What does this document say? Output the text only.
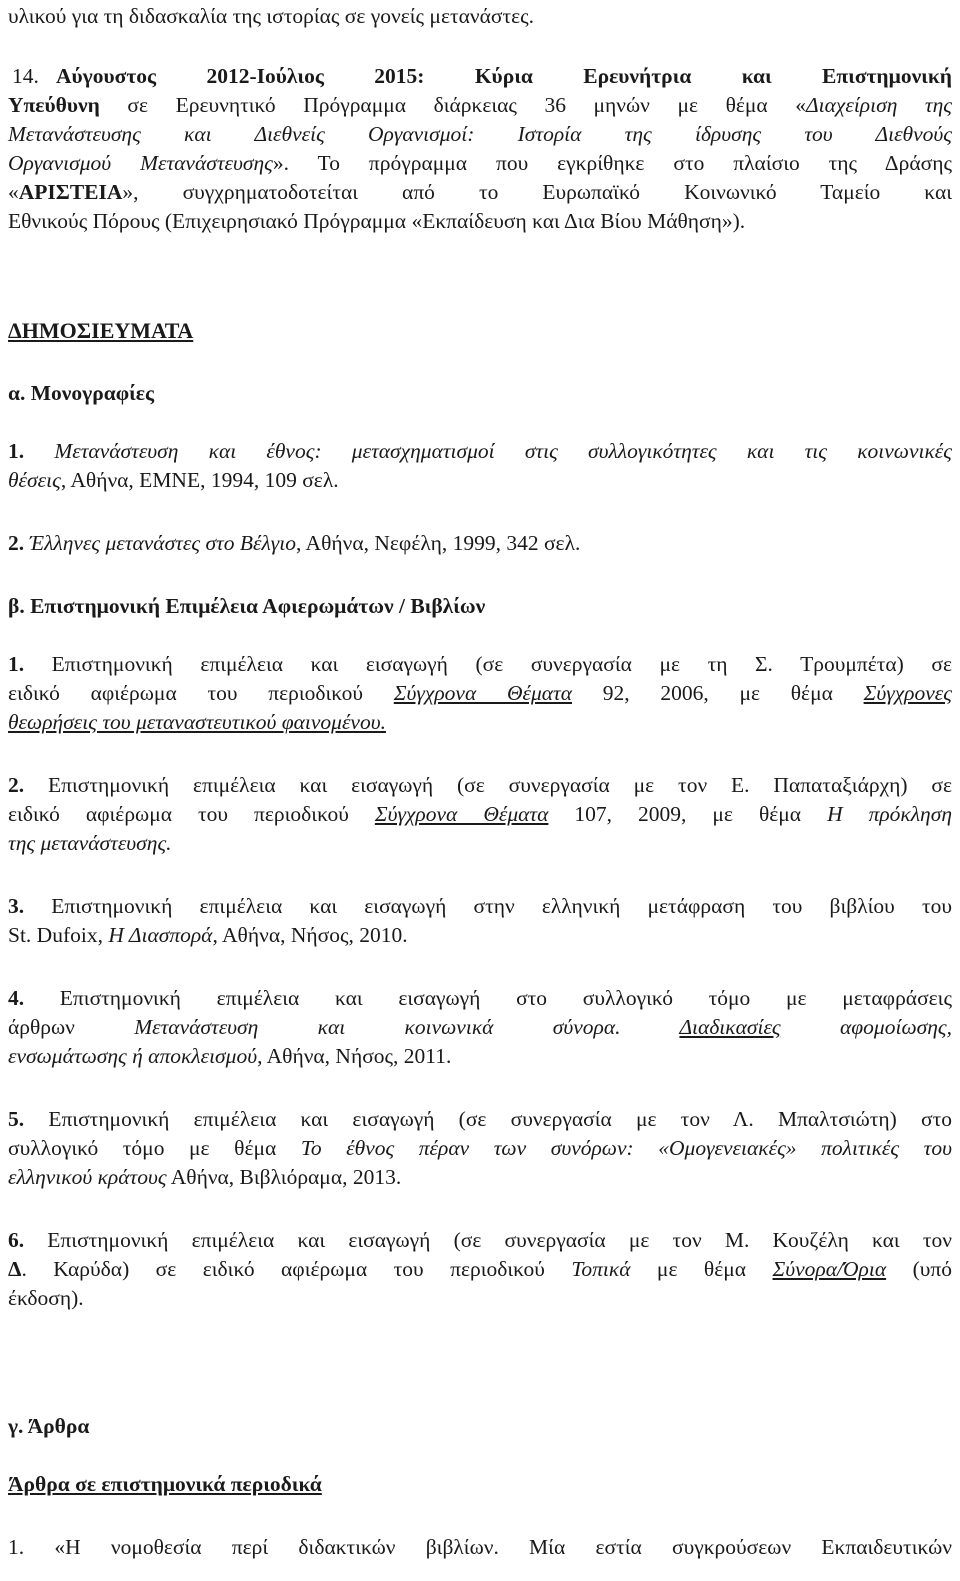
υλικού για τη διδασκαλία της ιστορίας σε γονείς μετανάστες.
14. Αύγουστος 2012-Ιούλιος 2015: Κύρια Ερευνήτρια και Επιστημονική
Υπεύθυνη σε Ερευνητικό Πρόγραμμα διάρκειας 36 μηνών με θέμα «Διαχείριση της
Μετανάστευσης και Διεθνείς Οργανισμοί: Ιστορία της ίδρυσης του Διεθνούς
Οργανισμού Μετανάστευσης». Το πρόγραμμα που εγκρίθηκε στο πλαίσιο της Δράσης
«ΑΡΙΣΤΕΙΑ», συγχρηματοδοτείται από το Ευρωπαϊκό Κοινωνικό Ταμείο και
Εθνικούς Πόρους (Επιχειρησιακό Πρόγραμμα «Εκπαίδευση και Δια Βίου Μάθηση»).
ΔΗΜΟΣΙΕΥΜΑΤΑ
α. Μονογραφίες
1. Μετανάστευση και έθνος: μετασχηματισμοί στις συλλογικότητες και τις κοινωνικές
θέσεις, Αθήνα, ΕΜΝΕ, 1994, 109 σελ.
2. Έλληνες μετανάστες στο Βέλγιο, Αθήνα, Νεφέλη, 1999, 342 σελ.
β. Επιστημονική Επιμέλεια Αφιερωμάτων / Βιβλίων
1. Επιστημονική επιμέλεια και εισαγωγή (σε συνεργασία με τη Σ. Τρουμπέτα) σε
ειδικό αφιέρωμα του περιοδικού Σύγχρονα Θέματα 92, 2006, με θέμα Σύγχρονες
θεωρήσεις του μεταναστευτικού φαινομένου.
2. Επιστημονική επιμέλεια και εισαγωγή (σε συνεργασία με τον Ε. Παπαταξιάρχη) σε
ειδικό αφιέρωμα του περιοδικού Σύγχρονα Θέματα 107, 2009, με θέμα Η πρόκληση
της μετανάστευσης.
3. Επιστημονική επιμέλεια και εισαγωγή στην ελληνική μετάφραση του βιβλίου του
St. Dufoix, Η Διασπορά, Αθήνα, Νήσος, 2010.
4. Επιστημονική επιμέλεια και εισαγωγή στο συλλογικό τόμο με μεταφράσεις
άρθρων Μετανάστευση και κοινωνικά σύνορα. Διαδικασίες αφομοίωσης,
ενσωμάτωσης ή αποκλεισμού, Αθήνα, Νήσος, 2011.
5. Επιστημονική επιμέλεια και εισαγωγή (σε συνεργασία με τον Λ. Μπαλτσιώτη) στο
συλλογικό τόμο με θέμα Το έθνος πέραν των συνόρων: «Ομογενειακές» πολιτικές του
ελληνικού κράτους Αθήνα, Βιβλιόραμα, 2013.
6. Επιστημονική επιμέλεια και εισαγωγή (σε συνεργασία με τον Μ. Κουζέλη και τον
Δ. Καρύδα) σε ειδικό αφιέρωμα του περιοδικού Τοπικά με θέμα Σύνορα/Όρια (υπό
έκδοση).
γ. Άρθρα
Άρθρα σε επιστημονικά περιοδικά
1. «Η νομοθεσία περί διδακτικών βιβλίων. Μία εστία συγκρούσεων Εκπαιδευτικών
